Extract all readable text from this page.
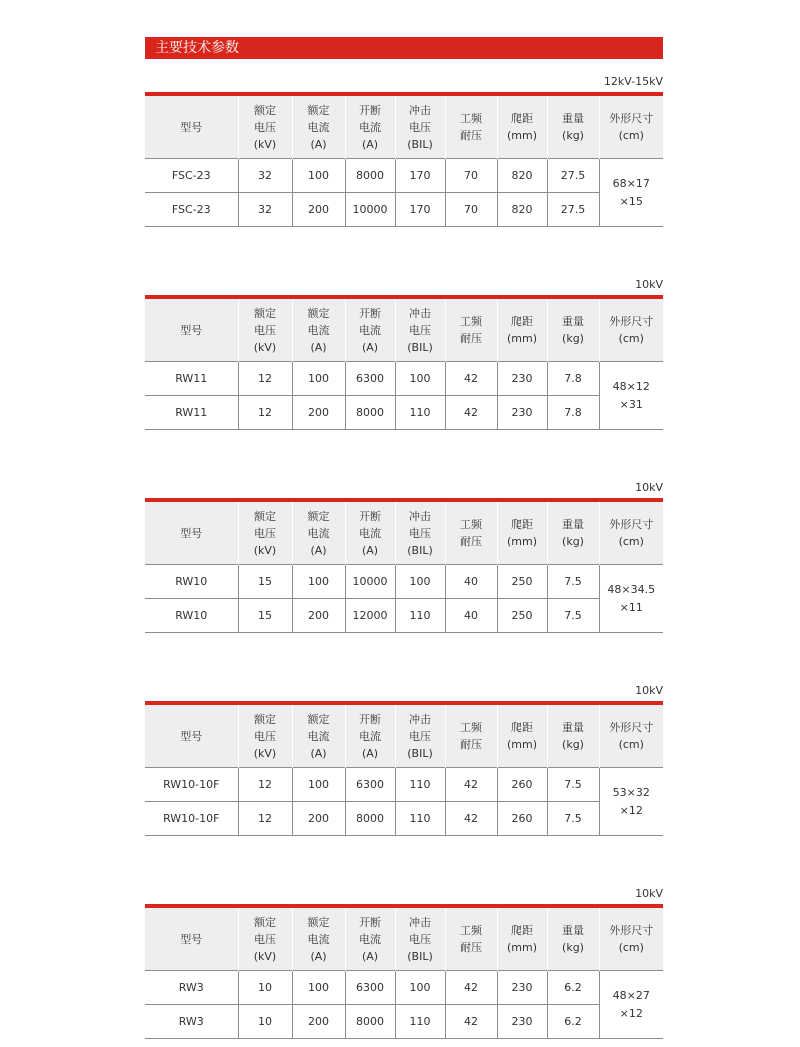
主要技术参数
12kV-15kV
型号	额定
电压
(kV)	额定
电流
(A)	开断
电流
(A)	冲击
电压
(BIL)	工频
耐压	爬距
(mm)	重量
(kg)	外形尺寸
(cm)

FSC-23	32	100	8000	170	70	820	27.5	68×17
×15

FSC-23	32	200	10000	170	70	820	27.5	
10kV
型号	额定
电压
(kV)	额定
电流
(A)	开断
电流
(A)	冲击
电压
(BIL)	工频
耐压	爬距
(mm)	重量
(kg)	外形尺寸
(cm)

RW11	12	100	6300	100	42	230	7.8	48×12
×31

RW11	12	200	8000	110	42	230	7.8	
10kV
型号	额定
电压
(kV)	额定
电流
(A)	开断
电流
(A)	冲击
电压
(BIL)	工频
耐压	爬距
(mm)	重量
(kg)	外形尺寸
(cm)

RW10	15	100	10000	100	40	250	7.5	48×34.5
×11

RW10	15	200	12000	110	40	250	7.5	
10kV
型号	额定
电压
(kV)	额定
电流
(A)	开断
电流
(A)	冲击
电压
(BIL)	工频
耐压	爬距
(mm)	重量
(kg)	外形尺寸
(cm)

RW10-10F	12	100	6300	110	42	260	7.5	53×32
×12

RW10-10F	12	200	8000	110	42	260	7.5	
10kV
型号	额定
电压
(kV)	额定
电流
(A)	开断
电流
(A)	冲击
电压
(BIL)	工频
耐压	爬距
(mm)	重量
(kg)	外形尺寸
(cm)

RW3	10	100	6300	100	42	230	6.2	48×27
×12

RW3	10	200	8000	110	42	230	6.2	
